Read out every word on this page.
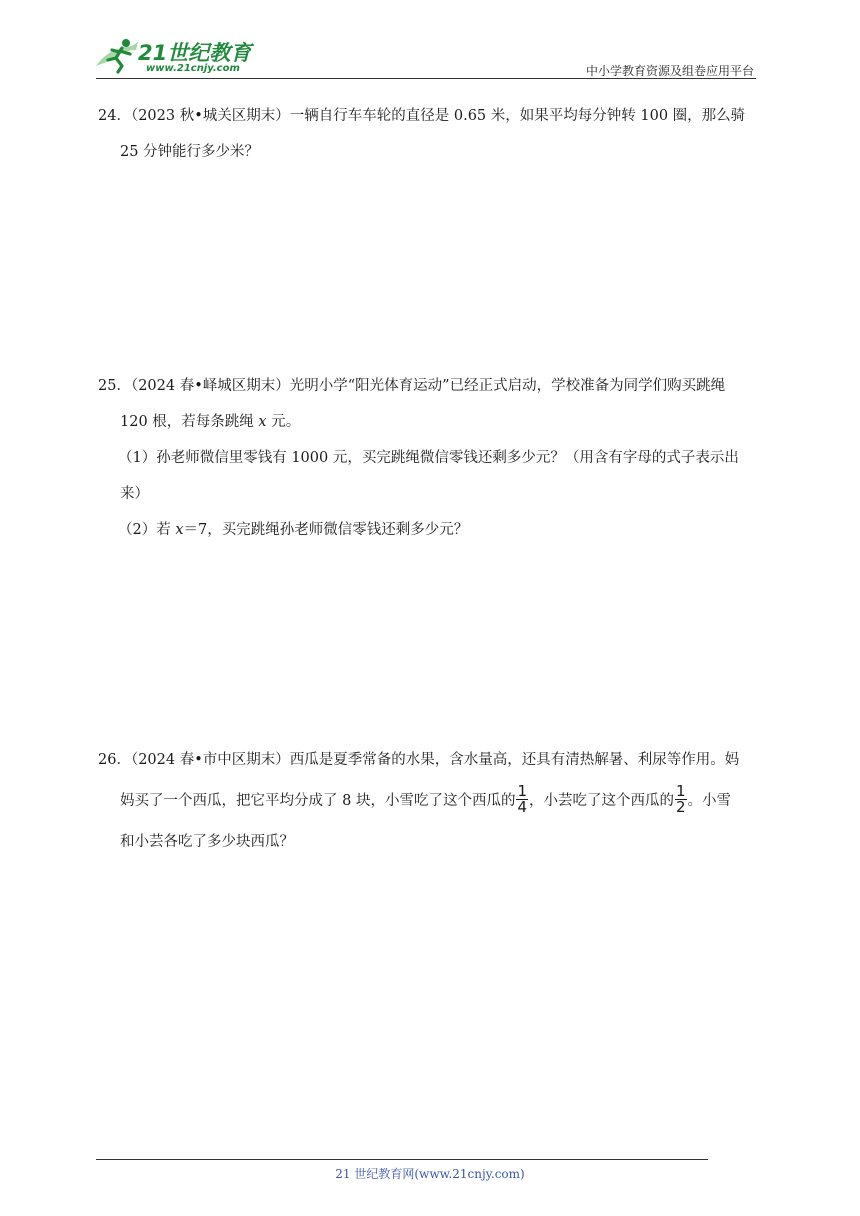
21世纪教育
www.21cnjy.com	中小学教育资源及组卷应用平台

24．（2023 秋•城关区期末）一辆自行车车轮的直径是 0.65 米，如果平均每分钟转 100 圈，那么骑

25 分钟能行多少米？

25．（2024 春•峄城区期末）光明小学“阳光体育运动”已经正式启动，学校准备为同学们购买跳绳

120 根，若每条跳绳 x 元。

（1）孙老师微信里零钱有 1000 元，买完跳绳微信零钱还剩多少元？（用含有字母的式子表示出

来）

（2）若 x＝7，买完跳绳孙老师微信零钱还剩多少元？

26．（2024 春•市中区期末）西瓜是夏季常备的水果，含水量高，还具有清热解暑、利尿等作用。妈

妈买了一个西瓜，把它平均分成了 8 块，小雪吃了这个西瓜的 $\frac{1}{4}$ ，小芸吃了这个西瓜的 $\frac{1}{2}$ 。小雪

和小芸各吃了多少块西瓜？

21 世纪教育网(www.21cnjy.com)
